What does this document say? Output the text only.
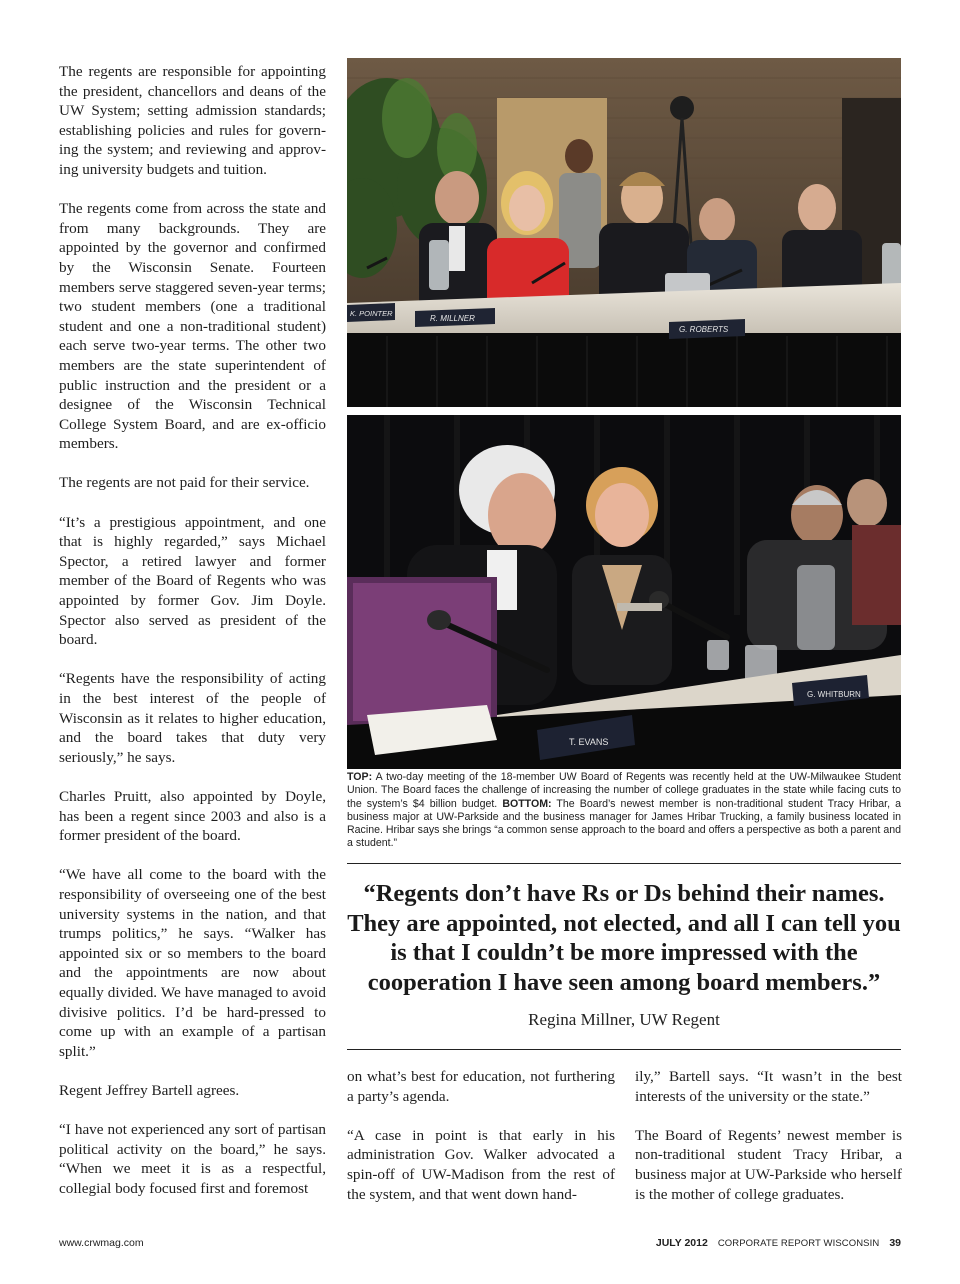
The regents are responsible for appointing the president, chancellors and deans of the UW System; setting admission standards; establishing policies and rules for governing the system; and reviewing and approving university budgets and tuition.

The regents come from across the state and from many backgrounds. They are appointed by the governor and confirmed by the Wisconsin Senate. Fourteen members serve staggered seven-year terms; two student members (one a traditional student and one a non-traditional student) each serve two-year terms. The other two members are the state superintendent of public instruction and the president or a designee of the Wisconsin Technical College System Board, and are ex-officio members.

The regents are not paid for their service.

“It’s a prestigious appointment, and one that is highly regarded,” says Michael Spector, a retired lawyer and former member of the Board of Regents who was appointed by former Gov. Jim Doyle. Spector also served as president of the board.

“Regents have the responsibility of acting in the best interest of the people of Wisconsin as it relates to higher education, and the board takes that duty very seriously,” he says.

Charles Pruitt, also appointed by Doyle, has been a regent since 2003 and also is a former president of the board.

“We have all come to the board with the responsibility of overseeing one of the best university systems in the nation, and that trumps politics,” he says. “Walker has appointed six or so members to the board and the appointments are now about equally divided. We have managed to avoid divisive politics. I’d be hard-pressed to come up with an example of a partisan split.”

Regent Jeffrey Bartell agrees.

“I have not experienced any sort of partisan political activity on the board,” he says. “When we meet it is as a respectful, collegial body focused first and foremost

K. POINTER
R. MILLNER
G. ROBERTS
G. WHITBURN
T. EVANS
TOP: A two-day meeting of the 18-member UW Board of Regents was recently held at the UW-Milwaukee Student Union. The Board faces the challenge of increasing the number of college graduates in the state while facing cuts to the system’s $4 billion budget. BOTTOM: The Board’s newest member is non-traditional student Tracy Hribar, a business major at UW-Parkside and the business manager for James Hribar Trucking, a family business located in Racine. Hribar says she brings “a common sense approach to the board and offers a perspective as both a parent and a student.”
“Regents don’t have Rs or Ds behind their names. They are appointed, not elected, and all I can tell you is that I couldn’t be more impressed with the cooperation I have seen among board members.”
Regina Millner, UW Regent

on what’s best for education, not furthering a party’s agenda.

“A case in point is that early in his administration Gov. Walker advocated a spin-off of UW-Madison from the rest of the system, and that went down hand-

ily,” Bartell says. “It wasn’t in the best interests of the university or the state.”

The Board of Regents’ newest member is non-traditional student Tracy Hribar, a business major at UW-Parkside who herself is the mother of college graduates.

www.crwmag.com	JULY 2012 CORPORATE REPORT WISCONSIN 39
